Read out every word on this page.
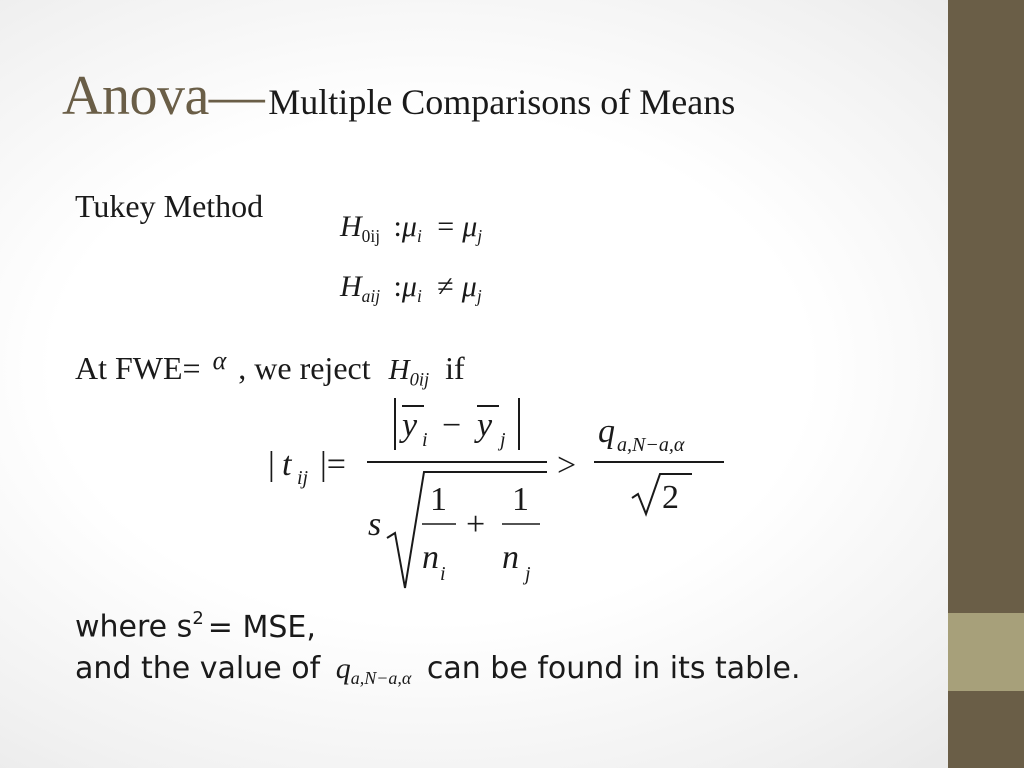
Anova— Multiple Comparisons of Means
Tukey Method
$H_{0ij}$ $:\mu_i = \mu_j$
$H_{aij}$ $:\mu_i \ne \mu_j$
At FWE= $^\alpha$ , we reject $H_{0ij}$ if
| t ij |=
y i − y j
s
1
n i
+
1
n j
>
q a,N−a,α
2
where $s^2$ = MSE,
and the value of $q_{a,N-a,\alpha}$ can be found in its table.
